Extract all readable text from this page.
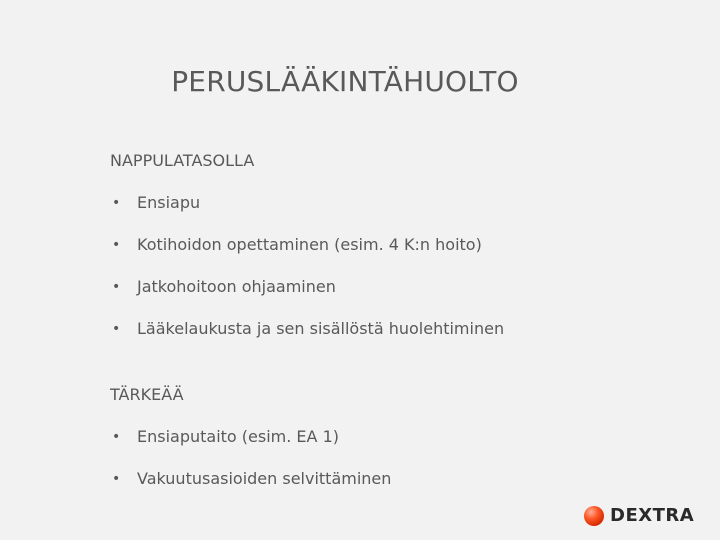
PERUSLÄÄKINTÄHUOLTO
NAPPULATASOLLA
• Ensiapu
• Kotihoidon opettaminen (esim. 4 K:n hoito)
• Jatkohoitoon ohjaaminen
• Lääkelaukusta ja sen sisällöstä huolehtiminen
TÄRKEÄÄ
• Ensiaputaito (esim. EA 1)
• Vakuutusasioiden selvittäminen
DEXTRA
